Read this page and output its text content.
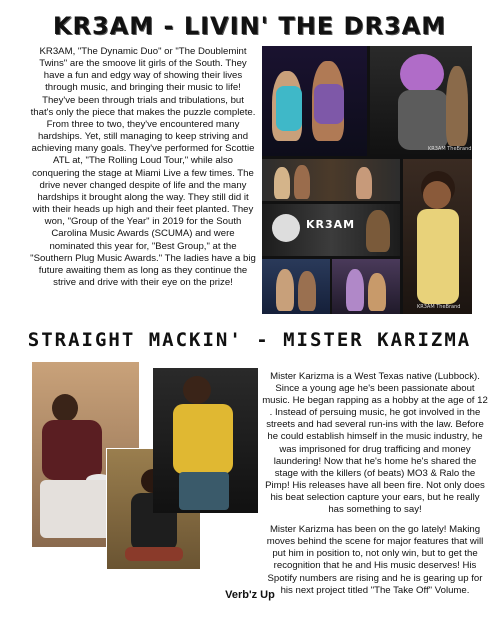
KR3AM - LIVIN' THE DR3AM
KR3AM, "The Dynamic Duo" or "The Doublemint Twins" are the smoove lit girls of the South. They have a fun and edgy way of showing their lives through music, and bringing their music to life! They've been through trials and tribulations, but that's only the piece that makes the puzzle complete. From three to two, they've encountered many hardships. Yet, still managing to keep striving and achieving many goals. They've performed for Scottie ATL at, "The Rolling Loud Tour," while also conquering the stage at Miami Live a few times. The drive never changed despite of life and the many hardships it brought along the way. They still did it with their heads up high and their feet planted. They won, "Group of the Year" in 2019 for the South Carolina Music Awards (SCUMA) and were nominated this year for, "Best Group," at the "Southern Plug Music Awards." The ladies have a big future awaiting them as long as they continue the strive and drive with their eye on the prize!
KR3AM TheBrand
KR3AM TheBrand
KR3AM
STRAIGHT MACKIN' - MISTER KARIZMA

Mister Karizma is a West Texas native (Lubbock). Since a young age he's been passionate about music. He began rapping as a hobby at the age of 12 . Instead of persuing music, he got involved in the streets and had several run-ins with the law. Before he could establish himself in the music industry, he was imprisoned for drug trafficing and money laundering! Now that he's home he's shared the stage with the killers (of beats) MO3 & Ralo the Pimp! His releases have all been fire. Not only does his beat selection capture your ears, but he really has something to say!

Mister Karizma has been on the go lately! Making moves behind the scene for major features that will put him in position to, not only win, but to get the recognition that he and His music deserves! His Spotify numbers are rising and he is gearing up for his next project titled "The Take Off" Volume.

Verb'z Up
